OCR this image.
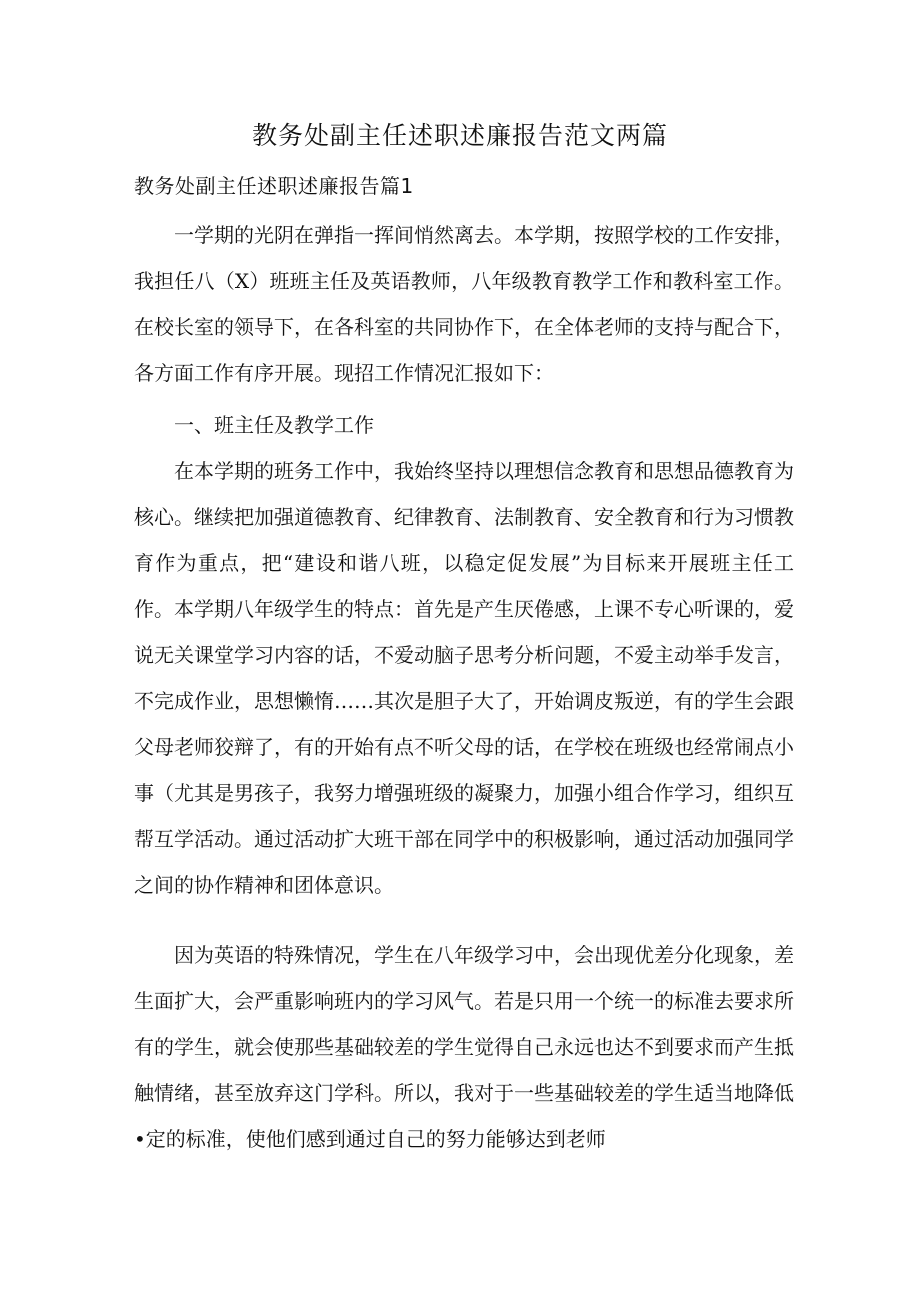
教务处副主任述职述廉报告范文两篇
教务处副主任述职述廉报告篇1

一学期的光阴在弹指一挥间悄然离去。本学期，按照学校的工作安排，我担任八（X）班班主任及英语教师，八年级教育教学工作和教科室工作。在校长室的领导下，在各科室的共同协作下，在全体老师的支持与配合下，各方面工作有序开展。现招工作情况汇报如下：

一、班主任及教学工作

在本学期的班务工作中，我始终坚持以理想信念教育和思想品德教育为核心。继续把加强道德教育、纪律教育、法制教育、安全教育和行为习惯教育作为重点，把“建设和谐八班，以稳定促发展”为目标来开展班主任工作。本学期八年级学生的特点：首先是产生厌倦感，上课不专心听课的，爱说无关课堂学习内容的话，不爱动脑子思考分析问题，不爱主动举手发言，不完成作业，思想懒惰……其次是胆子大了，开始调皮叛逆，有的学生会跟父母老师狡辩了，有的开始有点不听父母的话，在学校在班级也经常闹点小事（尤其是男孩子，我努力增强班级的凝聚力，加强小组合作学习，组织互帮互学活动。通过活动扩大班干部在同学中的积极影响，通过活动加强同学之间的协作精神和团体意识。

因为英语的特殊情况，学生在八年级学习中，会出现优差分化现象，差生面扩大，会严重影响班内的学习风气。若是只用一个统一的标准去要求所有的学生，就会使那些基础较差的学生觉得自己永远也达不到要求而产生抵触情绪，甚至放弃这门学科。所以，我对于一些基础较差的学生适当地降低•定的标准，使他们感到通过自己的努力能够达到老师
